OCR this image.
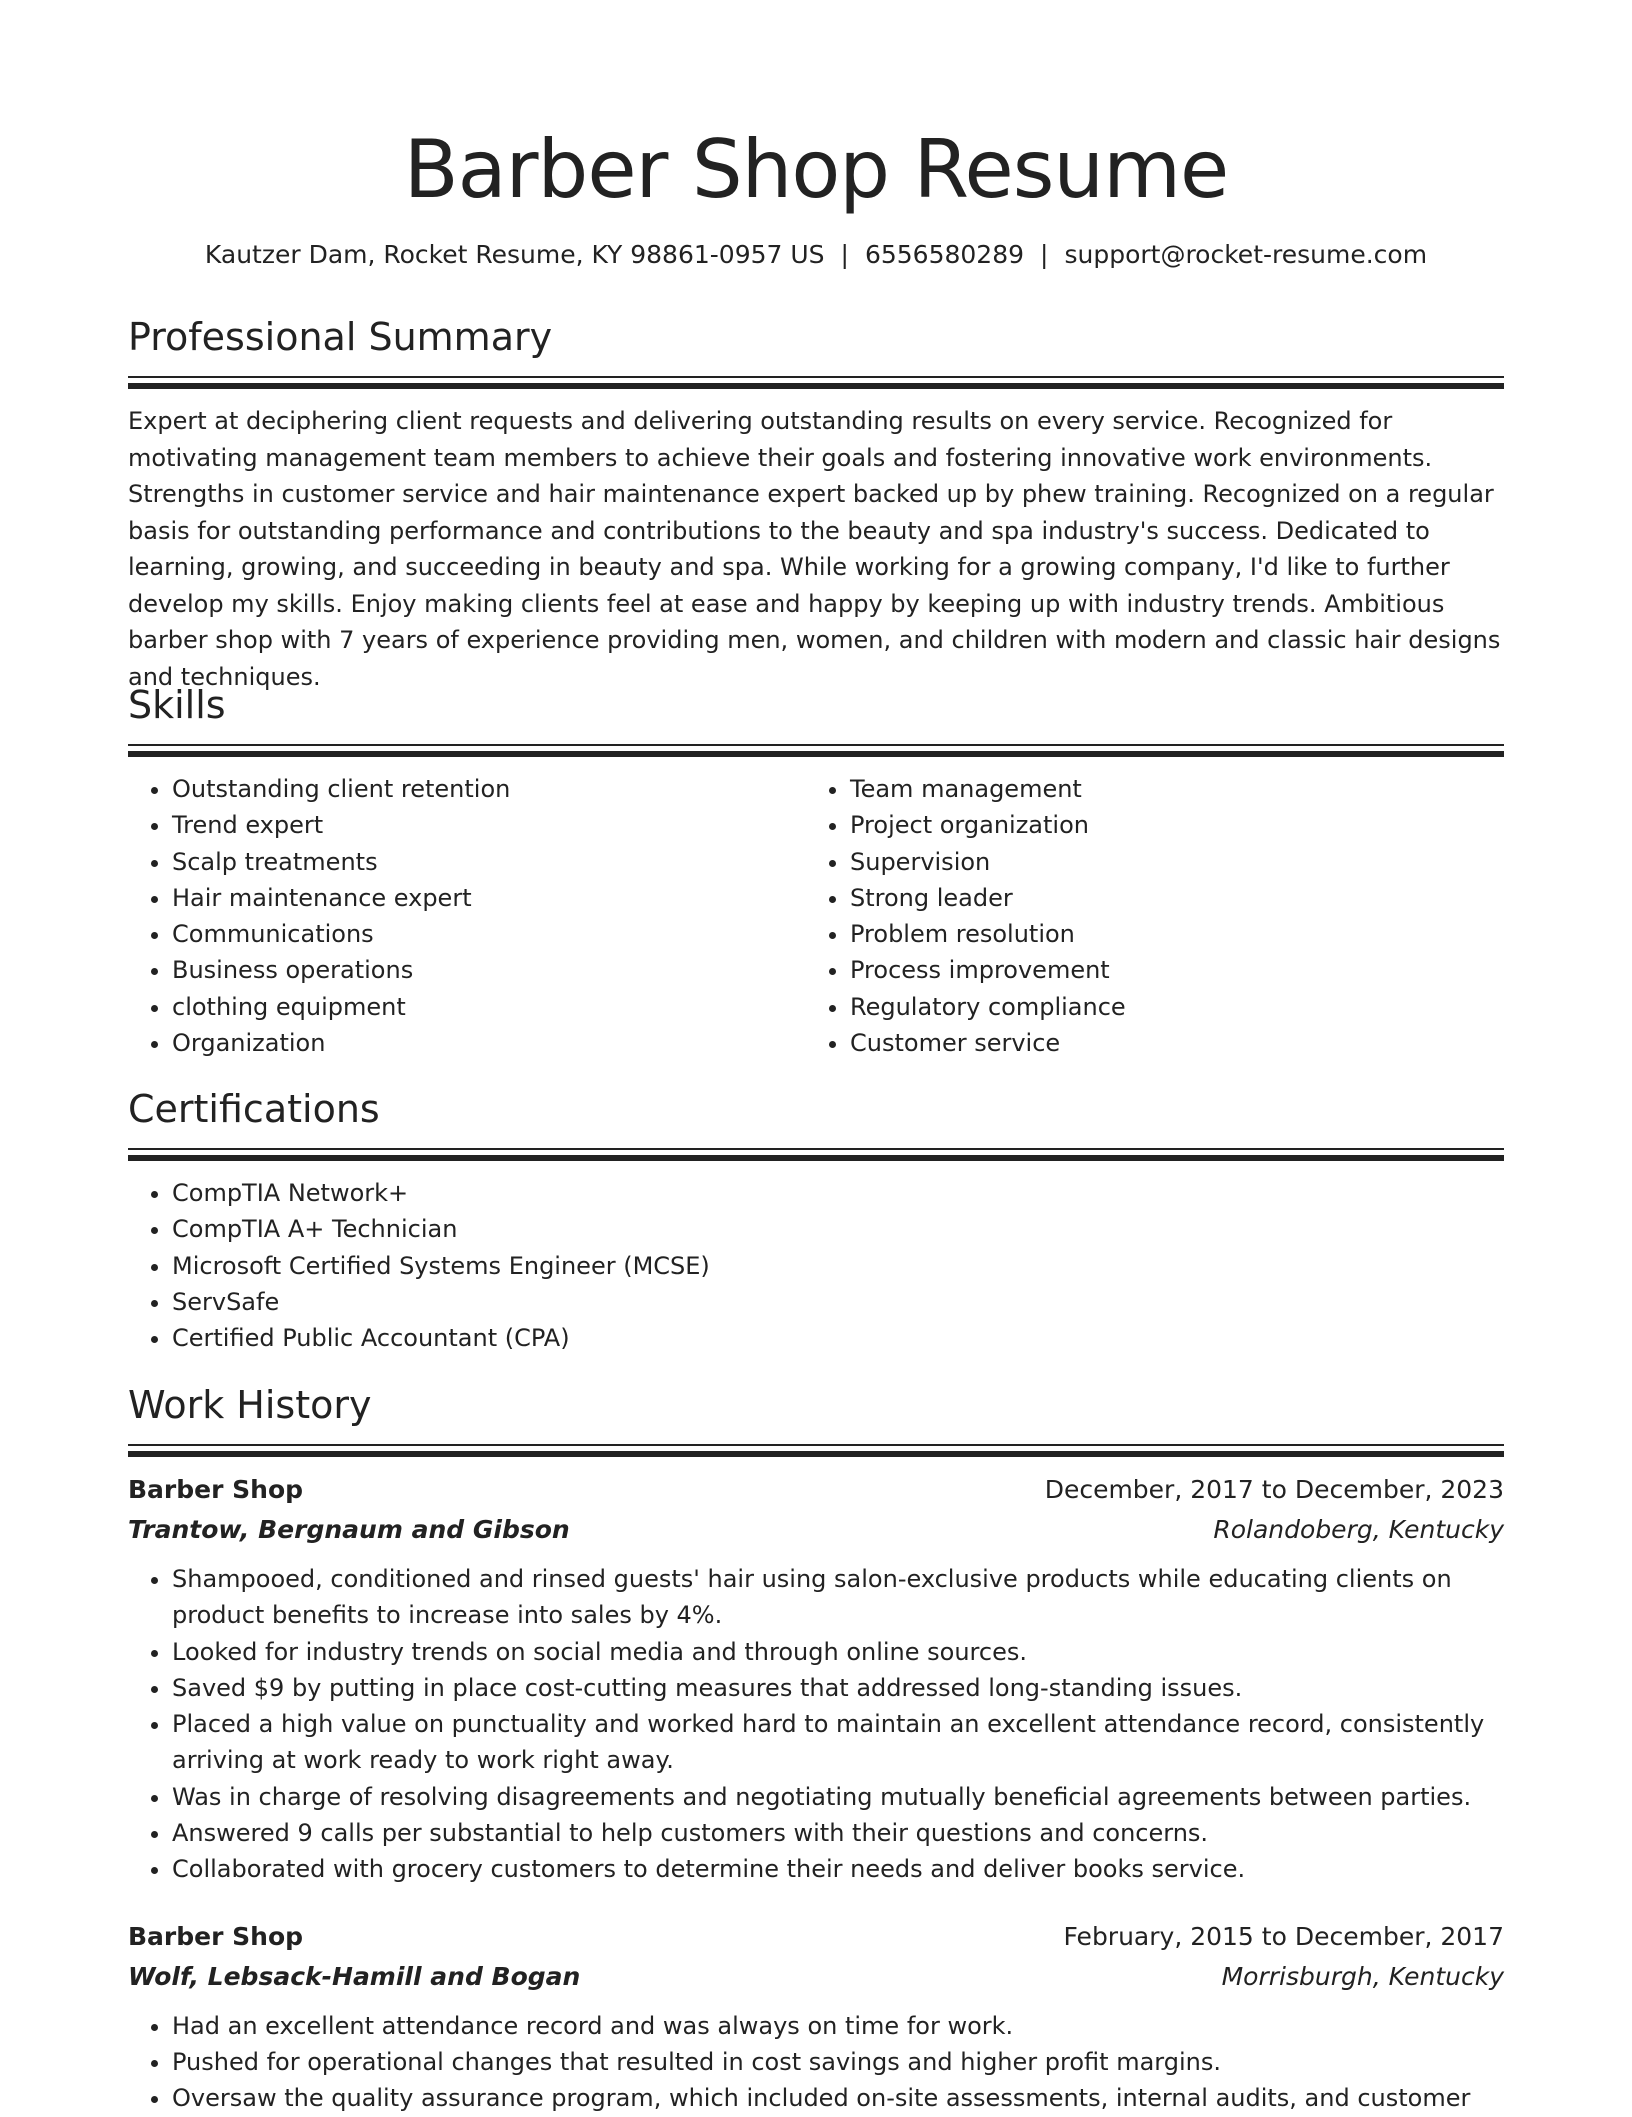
Barber Shop Resume
Kautzer Dam, Rocket Resume, KY 98861-0957 US | 6556580289 | support@rocket-resume.com
Professional Summary

Expert at deciphering client requests and delivering outstanding results on every service. Recognized for motivating management team members to achieve their goals and fostering innovative work environments. Strengths in customer service and hair maintenance expert backed up by phew training. Recognized on a regular basis for outstanding performance and contributions to the beauty and spa industry's success. Dedicated to learning, growing, and succeeding in beauty and spa. While working for a growing company, I'd like to further develop my skills. Enjoy making clients feel at ease and happy by keeping up with industry trends. Ambitious barber shop with 7 years of experience providing men, women, and children with modern and classic hair designs and techniques.

Skills
• Outstanding client retention
• Trend expert
• Scalp treatments
• Hair maintenance expert
• Communications
• Business operations
• clothing equipment
• Organization
• Team management
• Project organization
• Supervision
• Strong leader
• Problem resolution
• Process improvement
• Regulatory compliance
• Customer service
Certifications
• CompTIA Network+
• CompTIA A+ Technician
• Microsoft Certified Systems Engineer (MCSE)
• ServSafe
• Certified Public Accountant (CPA)
Work History
Barber Shop	December, 2017 to December, 2023
Trantow, Bergnaum and Gibson	Rolandoberg, Kentucky
• Shampooed, conditioned and rinsed guests' hair using salon-exclusive products while educating clients on product benefits to increase into sales by 4%.
• Looked for industry trends on social media and through online sources.
• Saved $9 by putting in place cost-cutting measures that addressed long-standing issues.
• Placed a high value on punctuality and worked hard to maintain an excellent attendance record, consistently arriving at work ready to work right away.
• Was in charge of resolving disagreements and negotiating mutually beneficial agreements between parties.
• Answered 9 calls per substantial to help customers with their questions and concerns.
• Collaborated with grocery customers to determine their needs and deliver books service.
Barber Shop	February, 2015 to December, 2017
Wolf, Lebsack-Hamill and Bogan	Morrisburgh, Kentucky
• Had an excellent attendance record and was always on time for work.
• Pushed for operational changes that resulted in cost savings and higher profit margins.
• Oversaw the quality assurance program, which included on-site assessments, internal audits, and customer
